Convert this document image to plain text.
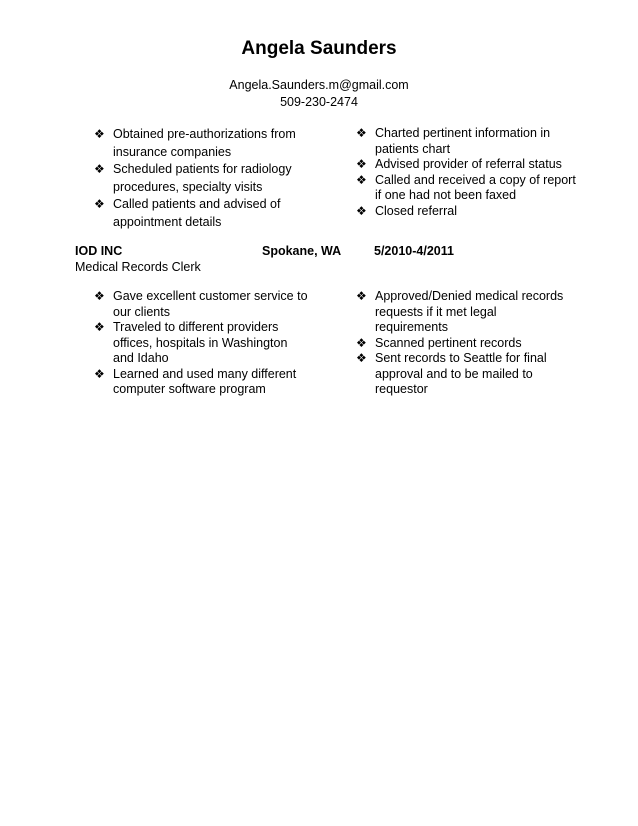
Angela Saunders
Angela.Saunders.m@gmail.com
509-230-2474
❖ Obtained pre-authorizations from insurance companies
❖ Scheduled patients for radiology procedures, specialty visits
❖ Called patients and advised of appointment details
❖ Charted pertinent information in patients chart
❖ Advised provider of referral status
❖ Called and received a copy of report if one had not been faxed
❖ Closed referral
IOD INC	Spokane, WA	5/2010-4/2011
Medical Records Clerk
❖ Gave excellent customer service to our clients
❖ Traveled to different providers offices, hospitals in Washington and Idaho
❖ Learned and used many different computer software program
❖ Approved/Denied medical records requests if it met legal requirements
❖ Scanned pertinent records
❖ Sent records to Seattle for final approval and to be mailed to requestor
